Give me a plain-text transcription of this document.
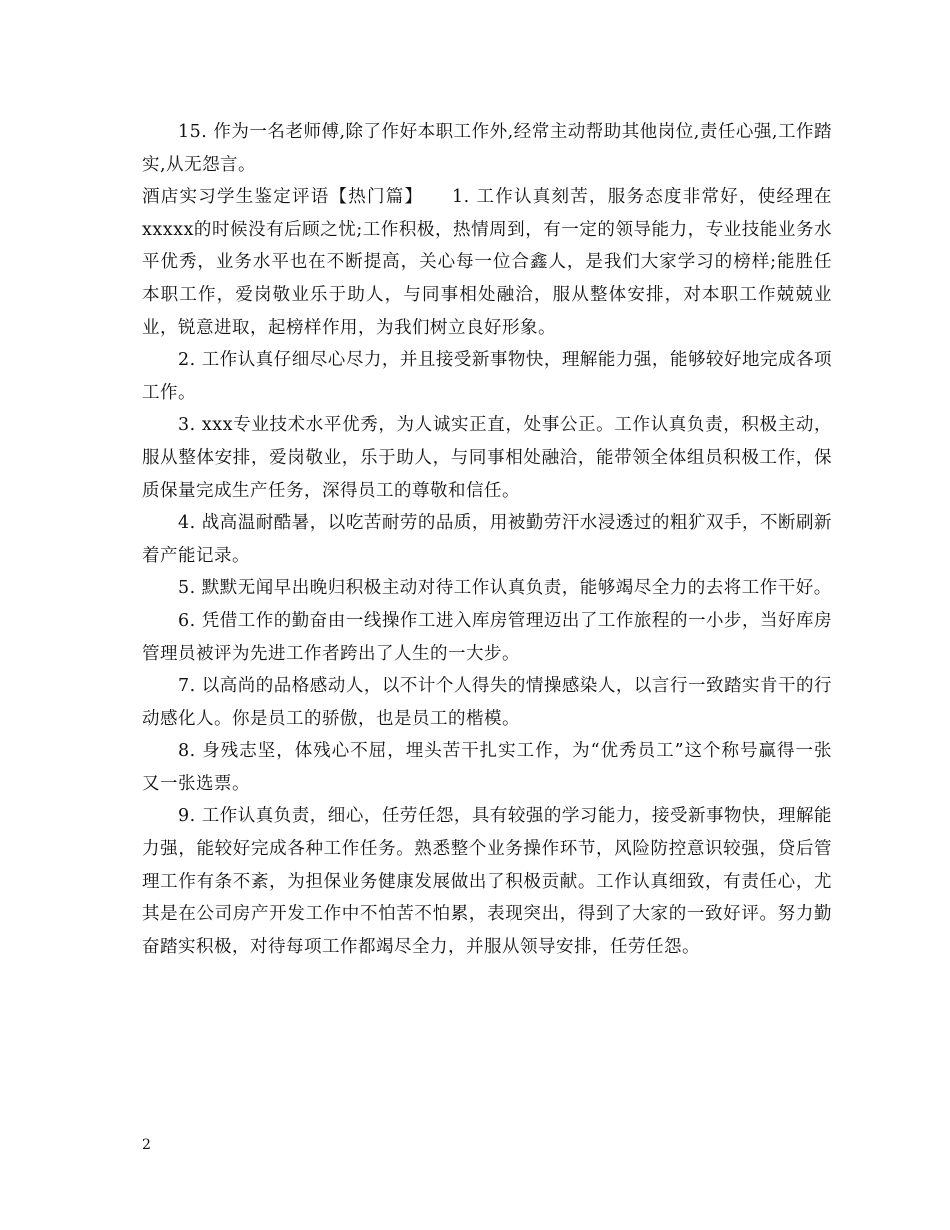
15. 作为一名老师傅,除了作好本职工作外,经常主动帮助其他岗位,责任心强,工作踏实,从无怨言。

酒店实习学生鉴定评语【热门篇】　　1. 工作认真刻苦，服务态度非常好，使经理在xxxxx的时候没有后顾之忧;工作积极，热情周到，有一定的领导能力，专业技能业务水平优秀，业务水平也在不断提高，关心每一位合鑫人，是我们大家学习的榜样;能胜任本职工作，爱岗敬业乐于助人，与同事相处融洽，服从整体安排，对本职工作兢兢业业，锐意进取，起榜样作用，为我们树立良好形象。

2. 工作认真仔细尽心尽力，并且接受新事物快，理解能力强，能够较好地完成各项工作。

3. xxx专业技术水平优秀，为人诚实正直，处事公正。工作认真负责，积极主动，服从整体安排，爱岗敬业，乐于助人，与同事相处融洽，能带领全体组员积极工作，保质保量完成生产任务，深得员工的尊敬和信任。

4. 战高温耐酷暑，以吃苦耐劳的品质，用被勤劳汗水浸透过的粗犷双手，不断刷新着产能记录。

5. 默默无闻早出晚归积极主动对待工作认真负责，能够竭尽全力的去将工作干好。

6. 凭借工作的勤奋由一线操作工进入库房管理迈出了工作旅程的一小步，当好库房管理员被评为先进工作者跨出了人生的一大步。

7. 以高尚的品格感动人，以不计个人得失的情操感染人，以言行一致踏实肯干的行动感化人。你是员工的骄傲，也是员工的楷模。

8. 身残志坚，体残心不屈，埋头苦干扎实工作，为“优秀员工”这个称号赢得一张又一张选票。

9. 工作认真负责，细心，任劳任怨，具有较强的学习能力，接受新事物快，理解能力强，能较好完成各种工作任务。熟悉整个业务操作环节，风险防控意识较强，贷后管理工作有条不紊，为担保业务健康发展做出了积极贡献。工作认真细致，有责任心，尤其是在公司房产开发工作中不怕苦不怕累，表现突出，得到了大家的一致好评。努力勤奋踏实积极，对待每项工作都竭尽全力，并服从领导安排，任劳任怨。

2
